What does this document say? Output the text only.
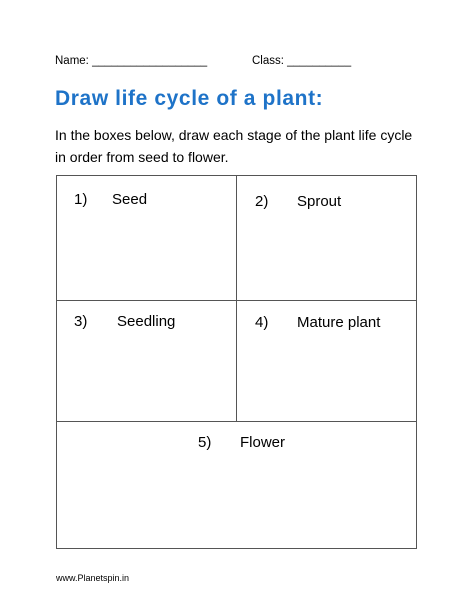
Name: __________________	Class: __________
Draw life cycle of a plant:

In the boxes below, draw each stage of the plant life cycle in order from seed to flower.

1) Seed	2) Sprout
3) Seedling	4) Mature plant
5) Flower
www.Planetspin.in
